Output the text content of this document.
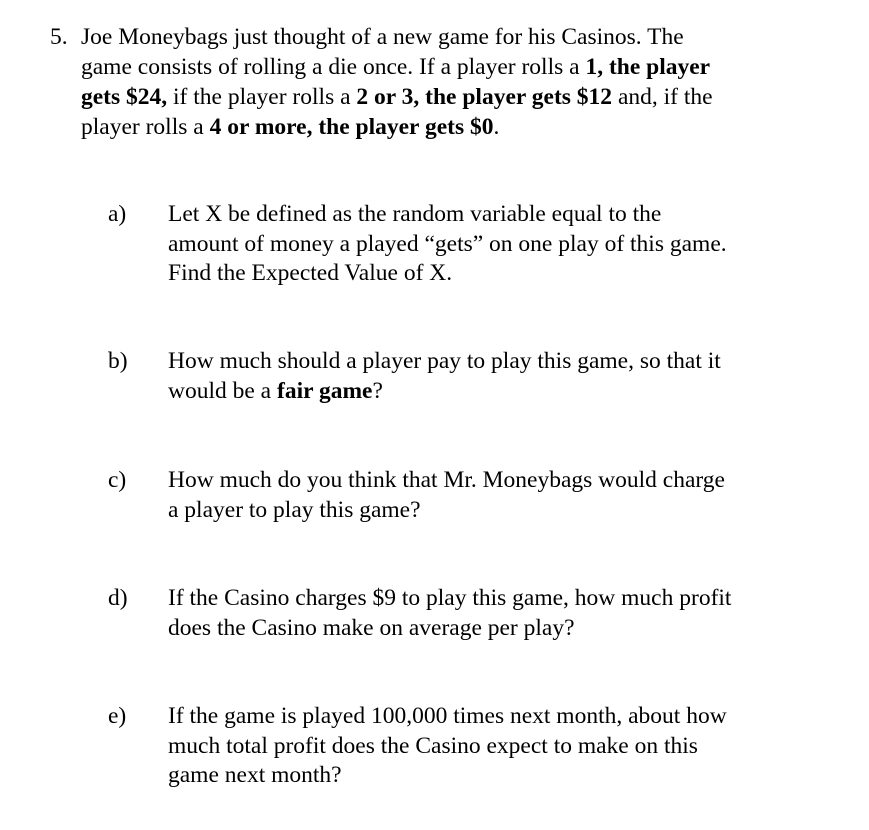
5. Joe Moneybags just thought of a new game for his Casinos. The
game consists of rolling a die once. If a player rolls a 1, the player
gets $24, if the player rolls a 2 or 3, the player gets $12 and, if the
player rolls a 4 or more, the player gets $0.
a) Let X be defined as the random variable equal to the
amount of money a played “gets” on one play of this game.
Find the Expected Value of X.
b) How much should a player pay to play this game, so that it
would be a fair game?
c) How much do you think that Mr. Moneybags would charge
a player to play this game?
d) If the Casino charges $9 to play this game, how much profit
does the Casino make on average per play?
e) If the game is played 100,000 times next month, about how
much total profit does the Casino expect to make on this
game next month?
